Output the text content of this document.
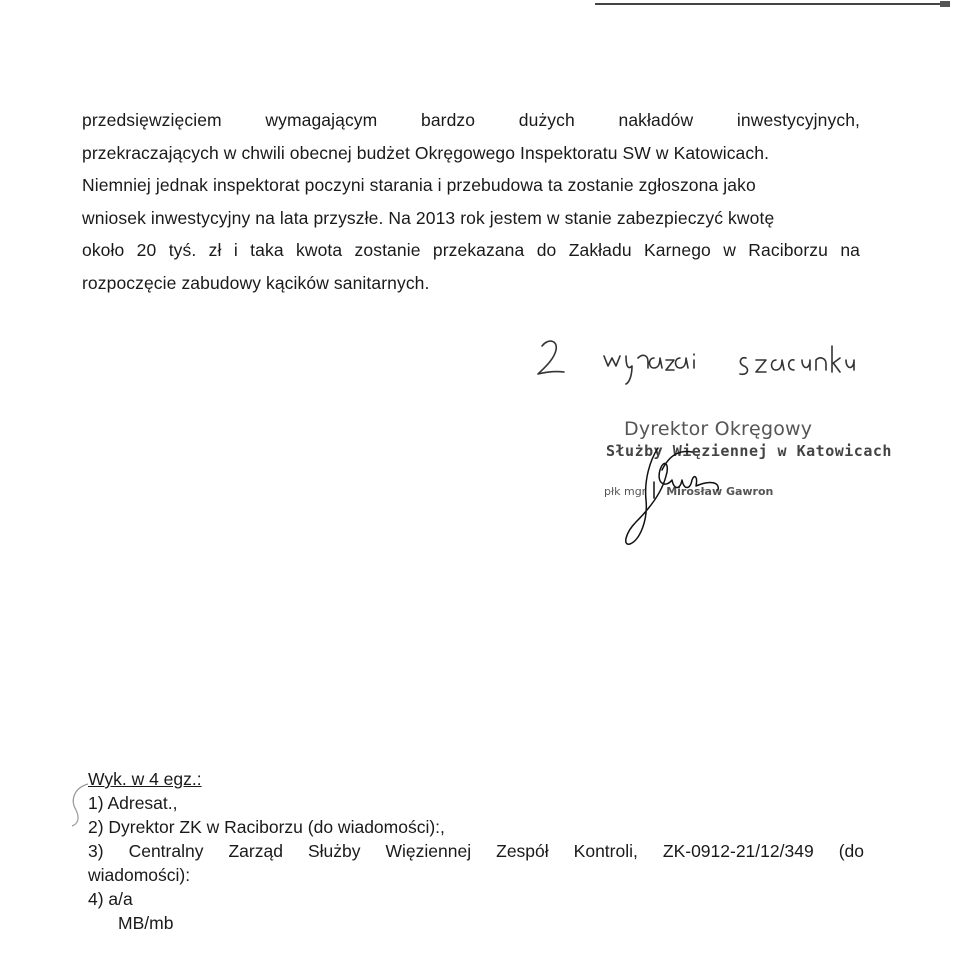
przedsięwzięciem wymagającym bardzo dużych nakładów inwestycyjnych,
przekraczających w chwili obecnej budżet Okręgowego Inspektoratu SW w Katowicach.
Niemniej jednak inspektorat poczyni starania i przebudowa ta zostanie zgłoszona jako
wniosek inwestycyjny na lata przyszłe. Na 2013 rok jestem w stanie zabezpieczyć kwotę
około 20 tyś. zł i taka kwota zostanie przekazana do Zakładu Karnego w Raciborzu na
rozpoczęcie zabudowy kącików sanitarnych.
Dyrektor Okręgowy
Służby Więziennej w Katowicach
płk mgr Mirosław Gawron
Wyk. w 4 egz.:
1) Adresat.,
2) Dyrektor ZK w Raciborzu (do wiadomości):,
3) Centralny Zarząd Służby Więziennej Zespół Kontroli, ZK-0912-21/12/349 (do
wiadomości):
4) a/a
MB/mb
